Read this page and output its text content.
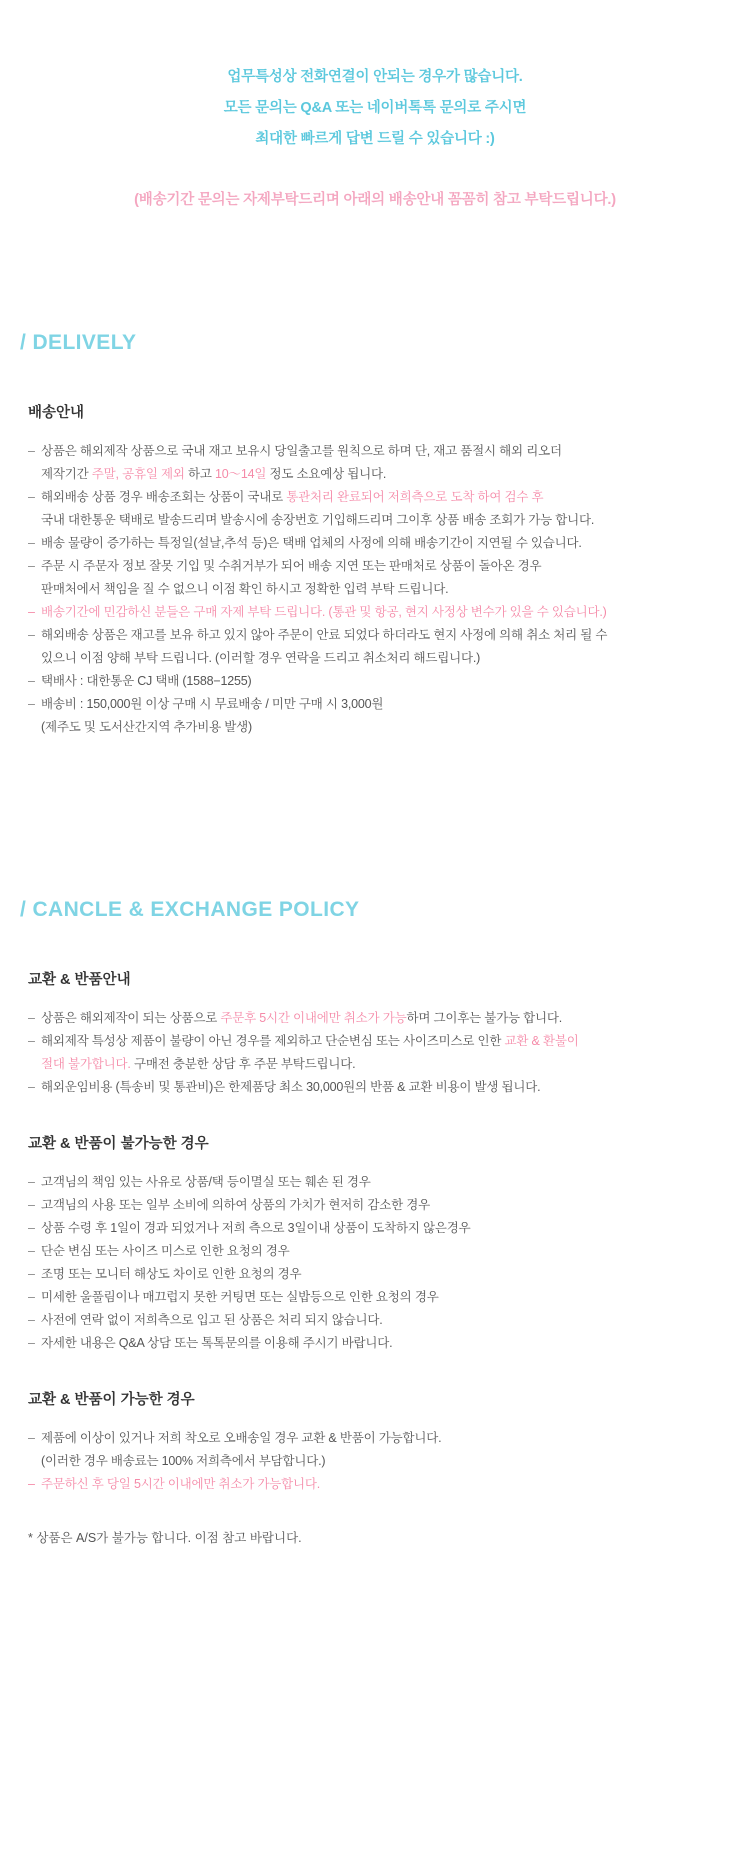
업무특성상 전화연결이 안되는 경우가 많습니다.
모든 문의는 Q&A 또는 네이버톡톡 문의로 주시면
최대한 빠르게 답변 드릴 수 있습니다 :)
(배송기간 문의는 자제부탁드리며 아래의 배송안내 꼼꼼히 참고 부탁드립니다.)
/ DELIVELY
배송안내
‒ 상품은 해외제작 상품으로 국내 재고 보유시 당일출고를 원칙으로 하며 단, 재고 품절시 해외 리오더
제작기간 주말, 공휴일 제외 하고 10〜14일 정도 소요예상 됩니다.
‒ 해외배송 상품 경우 배송조회는 상품이 국내로 통관처리 완료되어 저희측으로 도착 하여 검수 후
국내 대한통운 택배로 발송드리며 발송시에 송장번호 기입해드리며 그이후 상품 배송 조회가 가능 합니다.
‒ 배송 물량이 증가하는 특정일(설날,추석 등)은 택배 업체의 사정에 의해 배송기간이 지연될 수 있습니다.
‒ 주문 시 주문자 정보 잘못 기입 및 수취거부가 되어 배송 지연 또는 판매처로 상품이 돌아온 경우
판매처에서 책임을 질 수 없으니 이점 확인 하시고 정확한 입력 부탁 드립니다.
‒ 배송기간에 민감하신 분들은 구매 자제 부탁 드립니다. (통관 및 항공, 현지 사정상 변수가 있을 수 있습니다.)
‒ 해외배송 상품은 재고를 보유 하고 있지 않아 주문이 안료 되었다 하더라도 현지 사정에 의해 취소 처리 될 수
있으니 이점 양해 부탁 드립니다. (이러할 경우 연락을 드리고 취소처리 해드립니다.)
‒ 택배사 : 대한통운 CJ 택배 (1588−1255)
‒ 배송비 : 150,000원 이상 구매 시 무료배송 / 미만 구매 시 3,000원
(제주도 및 도서산간지역 추가비용 발생)
/ CANCLE & EXCHANGE POLICY
교환 & 반품안내
‒ 상품은 해외제작이 되는 상품으로 주문후 5시간 이내에만 취소가 가능하며 그이후는 불가능 합니다.
‒ 해외제작 특성상 제품이 불량이 아닌 경우를 제외하고 단순변심 또는 사이즈미스로 인한 교환 & 환불이
절대 불가합니다. 구매전 충분한 상담 후 주문 부탁드립니다.
‒ 해외운임비용 (특송비 및 통관비)은 한제품당 최소 30,000원의 반품 & 교환 비용이 발생 됩니다.
교환 & 반품이 불가능한 경우
‒ 고객님의 책임 있는 사유로 상품/택 등이멸실 또는 훼손 된 경우
‒ 고객님의 사용 또는 일부 소비에 의하여 상품의 가치가 현저히 감소한 경우
‒ 상품 수령 후 1일이 경과 되었거나 저희 측으로 3일이내 상품이 도착하지 않은경우
‒ 단순 변심 또는 사이즈 미스로 인한 요청의 경우
‒ 조명 또는 모니터 해상도 차이로 인한 요청의 경우
‒ 미세한 울풀림이나 매끄럽지 못한 커팅면 또는 실밥등으로 인한 요청의 경우
‒ 사전에 연락 없이 저희측으로 입고 된 상품은 처리 되지 않습니다.
‒ 자세한 내용은 Q&A 상담 또는 톡톡문의를 이용해 주시기 바랍니다.
교환 & 반품이 가능한 경우
‒ 제품에 이상이 있거나 저희 착오로 오배송일 경우 교환 & 반품이 가능합니다.
(이러한 경우 배송료는 100% 저희측에서 부담합니다.)
‒ 주문하신 후 당일 5시간 이내에만 취소가 가능합니다.
* 상품은 A/S가 불가능 합니다. 이점 참고 바랍니다.
